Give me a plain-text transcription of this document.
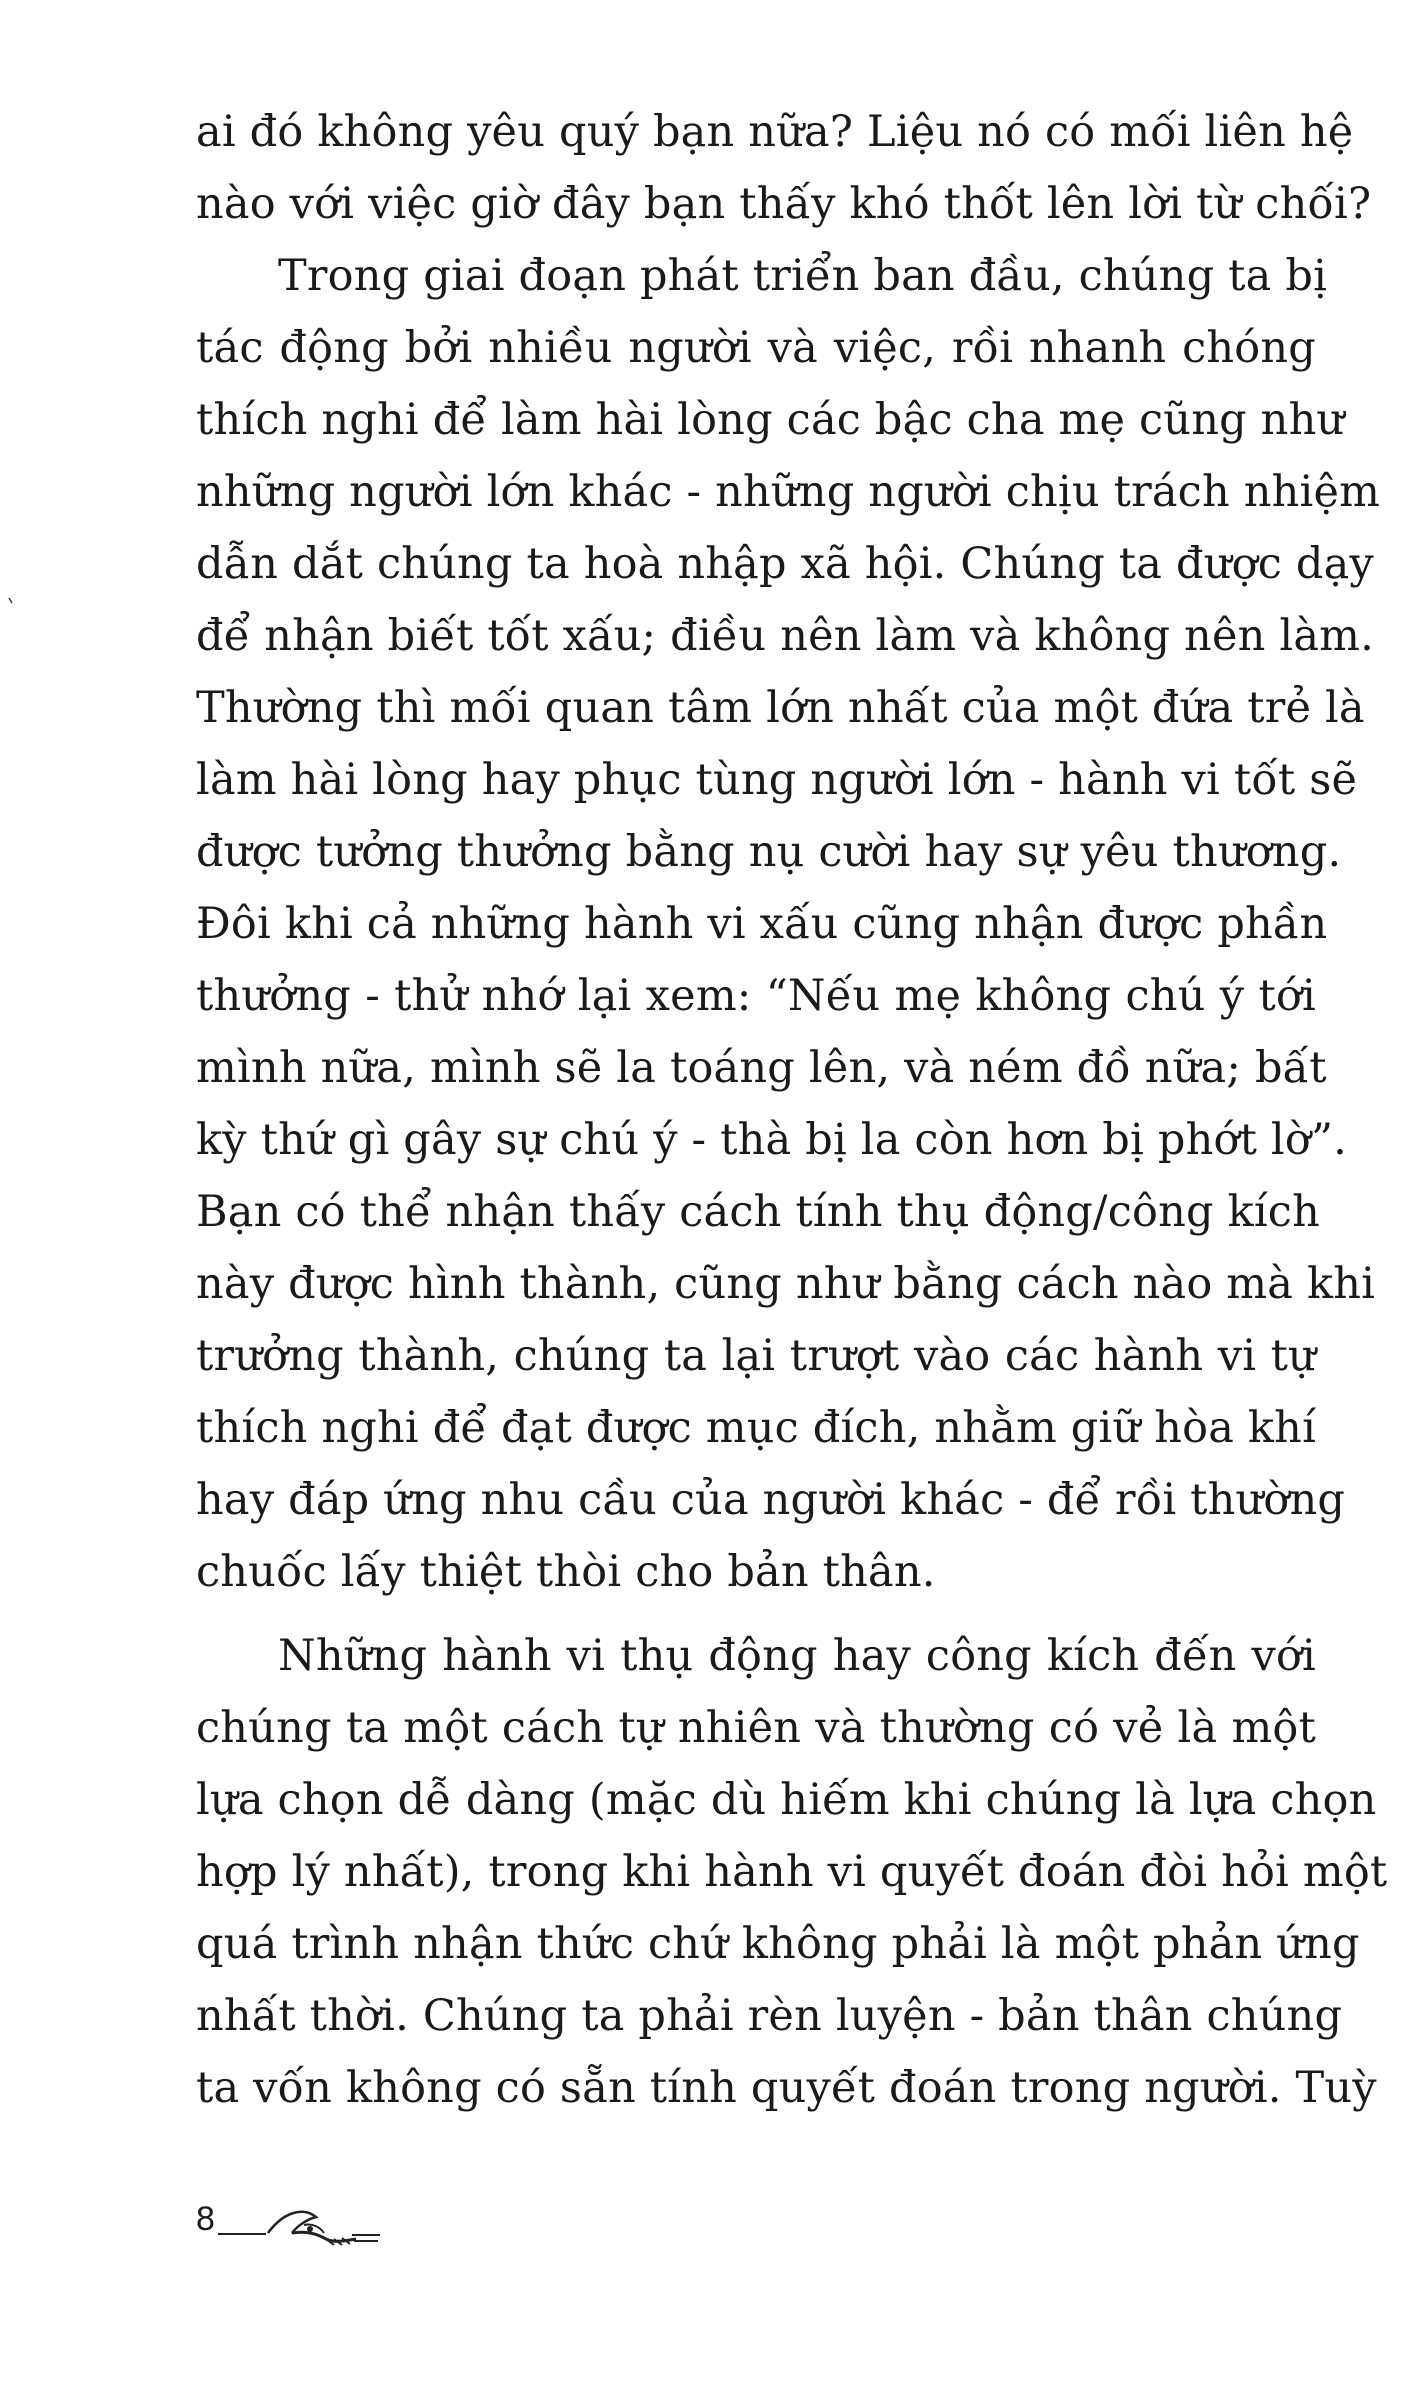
ai đó không yêu quý bạn nữa? Liệu nó có mối liên hệ
nào với việc giờ đây bạn thấy khó thốt lên lời từ chối?
Trong giai đoạn phát triển ban đầu, chúng ta bị
tác động bởi nhiều người và việc, rồi nhanh chóng
thích nghi để làm hài lòng các bậc cha mẹ cũng như
những người lớn khác - những người chịu trách nhiệm
dẫn dắt chúng ta hoà nhập xã hội. Chúng ta được dạy
để nhận biết tốt xấu; điều nên làm và không nên làm.
Thường thì mối quan tâm lớn nhất của một đứa trẻ là
làm hài lòng hay phục tùng người lớn - hành vi tốt sẽ
được tưởng thưởng bằng nụ cười hay sự yêu thương.
Đôi khi cả những hành vi xấu cũng nhận được phần
thưởng - thử nhớ lại xem: “Nếu mẹ không chú ý tới
mình nữa, mình sẽ la toáng lên, và ném đồ nữa; bất
kỳ thứ gì gây sự chú ý - thà bị la còn hơn bị phớt lờ”.
Bạn có thể nhận thấy cách tính thụ động/công kích
này được hình thành, cũng như bằng cách nào mà khi
trưởng thành, chúng ta lại trượt vào các hành vi tự
thích nghi để đạt được mục đích, nhằm giữ hòa khí
hay đáp ứng nhu cầu của người khác - để rồi thường
chuốc lấy thiệt thòi cho bản thân.
Những hành vi thụ động hay công kích đến với
chúng ta một cách tự nhiên và thường có vẻ là một
lựa chọn dễ dàng (mặc dù hiếm khi chúng là lựa chọn
hợp lý nhất), trong khi hành vi quyết đoán đòi hỏi một
quá trình nhận thức chứ không phải là một phản ứng
nhất thời. Chúng ta phải rèn luyện - bản thân chúng
ta vốn không có sẵn tính quyết đoán trong người. Tuỳ
8
